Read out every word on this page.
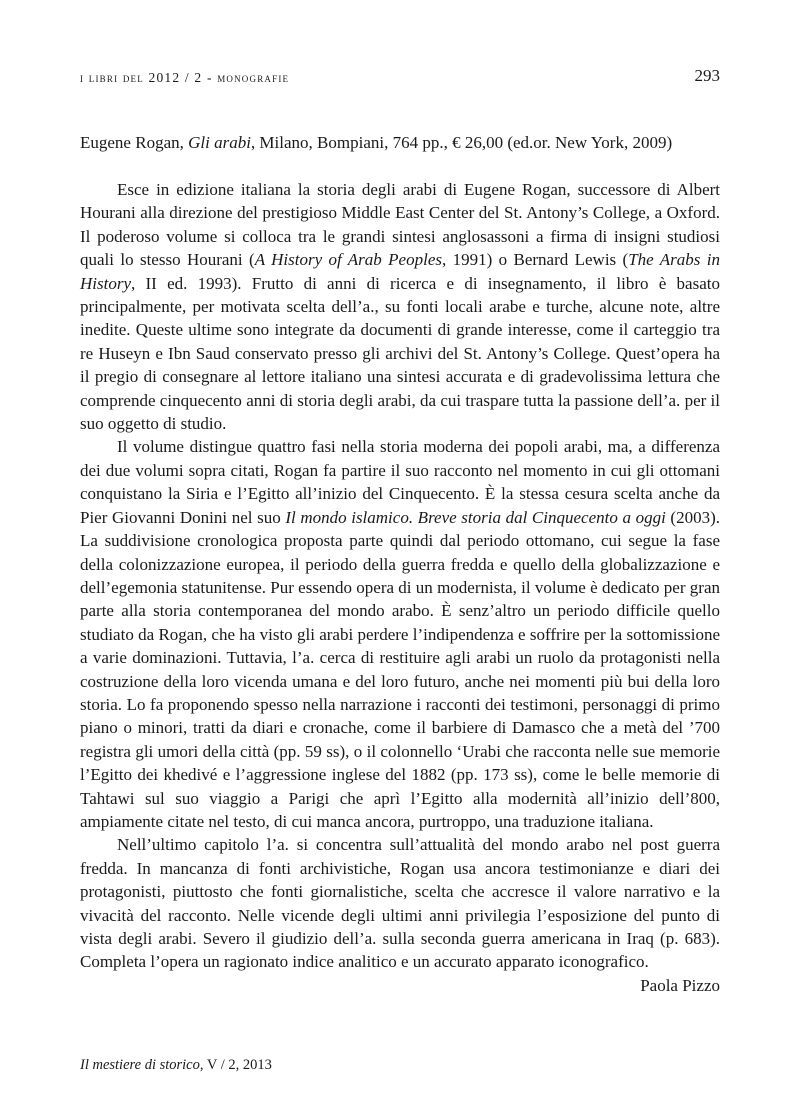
i libri del 2012 / 2 - monografie	293
Eugene Rogan, Gli arabi, Milano, Bompiani, 764 pp., € 26,00 (ed.or. New York, 2009)

Esce in edizione italiana la storia degli arabi di Eugene Rogan, successore di Albert Hourani alla direzione del prestigioso Middle East Center del St. Antony’s College, a Oxford. Il poderoso volume si colloca tra le grandi sintesi anglosassoni a firma di insigni studiosi quali lo stesso Hourani (A History of Arab Peoples, 1991) o Bernard Lewis (The Arabs in History, II ed. 1993). Frutto di anni di ricerca e di insegnamento, il libro è basato principalmente, per motivata scelta dell’a., su fonti locali arabe e turche, alcune note, altre inedite. Queste ultime sono integrate da documenti di grande interesse, come il carteggio tra re Huseyn e Ibn Saud conservato presso gli archivi del St. Antony’s College. Quest’opera ha il pregio di consegnare al lettore italiano una sintesi accurata e di gradevolissima lettura che comprende cinquecento anni di storia degli arabi, da cui traspare tutta la passione dell’a. per il suo oggetto di studio.

Il volume distingue quattro fasi nella storia moderna dei popoli arabi, ma, a differenza dei due volumi sopra citati, Rogan fa partire il suo racconto nel momento in cui gli ottomani conquistano la Siria e l’Egitto all’inizio del Cinquecento. È la stessa cesura scelta anche da Pier Giovanni Donini nel suo Il mondo islamico. Breve storia dal Cinquecento a oggi (2003). La suddivisione cronologica proposta parte quindi dal periodo ottomano, cui segue la fase della colonizzazione europea, il periodo della guerra fredda e quello della globalizzazione e dell’egemonia statunitense. Pur essendo opera di un modernista, il volume è dedicato per gran parte alla storia contemporanea del mondo arabo. È senz’altro un periodo difficile quello studiato da Rogan, che ha visto gli arabi perdere l’indipendenza e soffrire per la sottomissione a varie dominazioni. Tuttavia, l’a. cerca di restituire agli arabi un ruolo da protagonisti nella costruzione della loro vicenda umana e del loro futuro, anche nei momenti più bui della loro storia. Lo fa proponendo spesso nella narrazione i racconti dei testimoni, personaggi di primo piano o minori, tratti da diari e cronache, come il barbiere di Damasco che a metà del ’700 registra gli umori della città (pp. 59 ss), o il colonnello ‘Urabi che racconta nelle sue memorie l’Egitto dei khedivé e l’aggressione inglese del 1882 (pp. 173 ss), come le belle memorie di Tahtawi sul suo viaggio a Parigi che aprì l’Egitto alla modernità all’inizio dell’800, ampiamente citate nel testo, di cui manca ancora, purtroppo, una traduzione italiana.

Nell’ultimo capitolo l’a. si concentra sull’attualità del mondo arabo nel post guerra fredda. In mancanza di fonti archivistiche, Rogan usa ancora testimonianze e diari dei protagonisti, piuttosto che fonti giornalistiche, scelta che accresce il valore narrativo e la vivacità del racconto. Nelle vicende degli ultimi anni privilegia l’esposizione del punto di vista degli arabi. Severo il giudizio dell’a. sulla seconda guerra americana in Iraq (p. 683). Completa l’opera un ragionato indice analitico e un accurato apparato iconografico.

Paola Pizzo
Il mestiere di storico, V / 2, 2013
